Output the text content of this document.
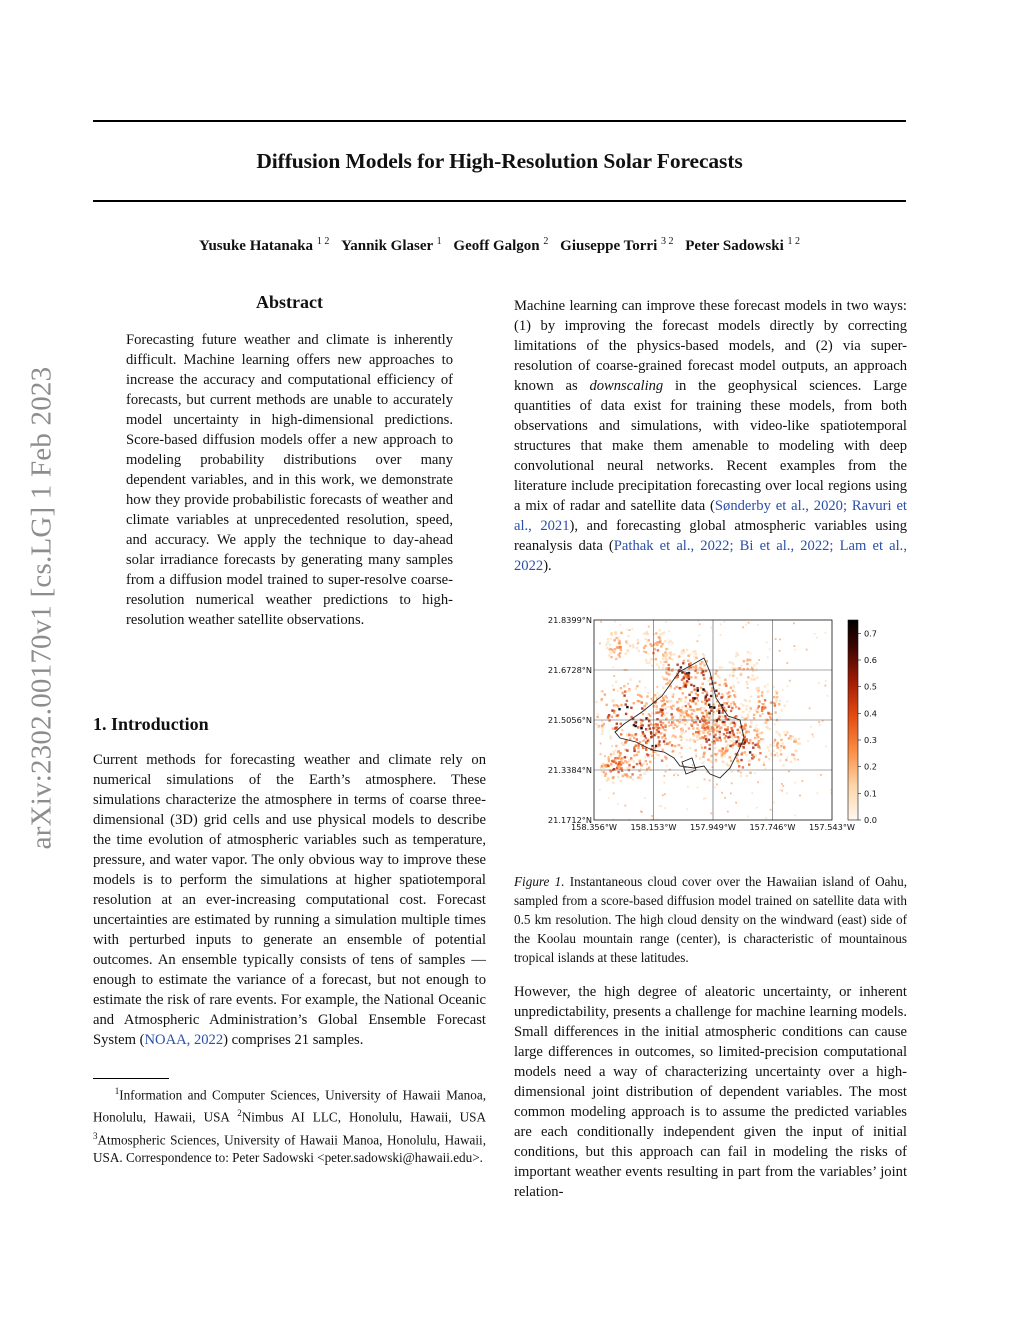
Diffusion Models for High-Resolution Solar Forecasts
Yusuke Hatanaka $^{1 2}$ Yannik Glaser $^1$ Geoff Galgon $^2$ Giuseppe Torri $^{3 2}$ Peter Sadowski $^{1 2}$
arXiv:2302.00170v1 [cs.LG] 1 Feb 2023
Abstract

Forecasting future weather and climate is inherently difficult. Machine learning offers new approaches to increase the accuracy and computational efficiency of forecasts, but current methods are unable to accurately model uncertainty in high-dimensional predictions. Score-based diffusion models offer a new approach to modeling probability distributions over many dependent variables, and in this work, we demonstrate how they provide probabilistic forecasts of weather and climate variables at unprecedented resolution, speed, and accuracy. We apply the technique to day-ahead solar irradiance forecasts by generating many samples from a diffusion model trained to super-resolve coarse-resolution numerical weather predictions to high-resolution weather satellite observations.

1. Introduction

Current methods for forecasting weather and climate rely on numerical simulations of the Earth’s atmosphere. These simulations characterize the atmosphere in terms of coarse three-dimensional (3D) grid cells and use physical models to describe the time evolution of atmospheric variables such as temperature, pressure, and water vapor. The only obvious way to improve these models is to perform the simulations at higher spatiotemporal resolution at an ever-increasing computational cost. Forecast uncertainties are estimated by running a simulation multiple times with perturbed inputs to generate an ensemble of potential outcomes. An ensemble typically consists of tens of samples — enough to estimate the variance of a forecast, but not enough to estimate the risk of rare events. For example, the National Oceanic and Atmospheric Administration’s Global Ensemble Forecast System (NOAA, 2022) comprises 21 samples.

$^1$Information and Computer Sciences, University of Hawaii Manoa, Honolulu, Hawaii, USA $^2$Nimbus AI LLC, Honolulu, Hawaii, USA $^3$Atmospheric Sciences, University of Hawaii Manoa, Honolulu, Hawaii, USA. Correspondence to: Peter Sadowski <peter.sadowski@hawaii.edu>.

Machine learning can improve these forecast models in two ways: (1) by improving the forecast models directly by correcting limitations of the physics-based models, and (2) via super-resolution of coarse-grained forecast model outputs, an approach known as downscaling in the geophysical sciences. Large quantities of data exist for training these models, from both observations and simulations, with video-like spatiotemporal structures that make them amenable to modeling with deep convolutional neural networks. Recent examples from the literature include precipitation forecasting over local regions using a mix of radar and satellite data (Sønderby et al., 2020; Ravuri et al., 2021), and forecasting global atmospheric variables using reanalysis data (Pathak et al., 2022; Bi et al., 2022; Lam et al., 2022).

21.8399°N
21.6728°N
21.5056°N
21.3384°N
21.1712°N
158.356°W 158.153°W 157.949°W 157.746°W 157.543°W
0.7
0.6
0.5
0.4
0.3
0.2
0.1
0.0

Figure 1. Instantaneous cloud cover over the Hawaiian island of Oahu, sampled from a score-based diffusion model trained on satellite data with 0.5 km resolution. The high cloud density on the windward (east) side of the Koolau mountain range (center), is characteristic of mountainous tropical islands at these latitudes.

However, the high degree of aleatoric uncertainty, or inherent unpredictability, presents a challenge for machine learning models. Small differences in the initial atmospheric conditions can cause large differences in outcomes, so limited-precision computational models need a way of characterizing uncertainty over a high-dimensional joint distribution of dependent variables. The most common modeling approach is to assume the predicted variables are each conditionally independent given the input of initial conditions, but this approach can fail in modeling the risks of important weather events resulting in part from the variables’ joint relation-
